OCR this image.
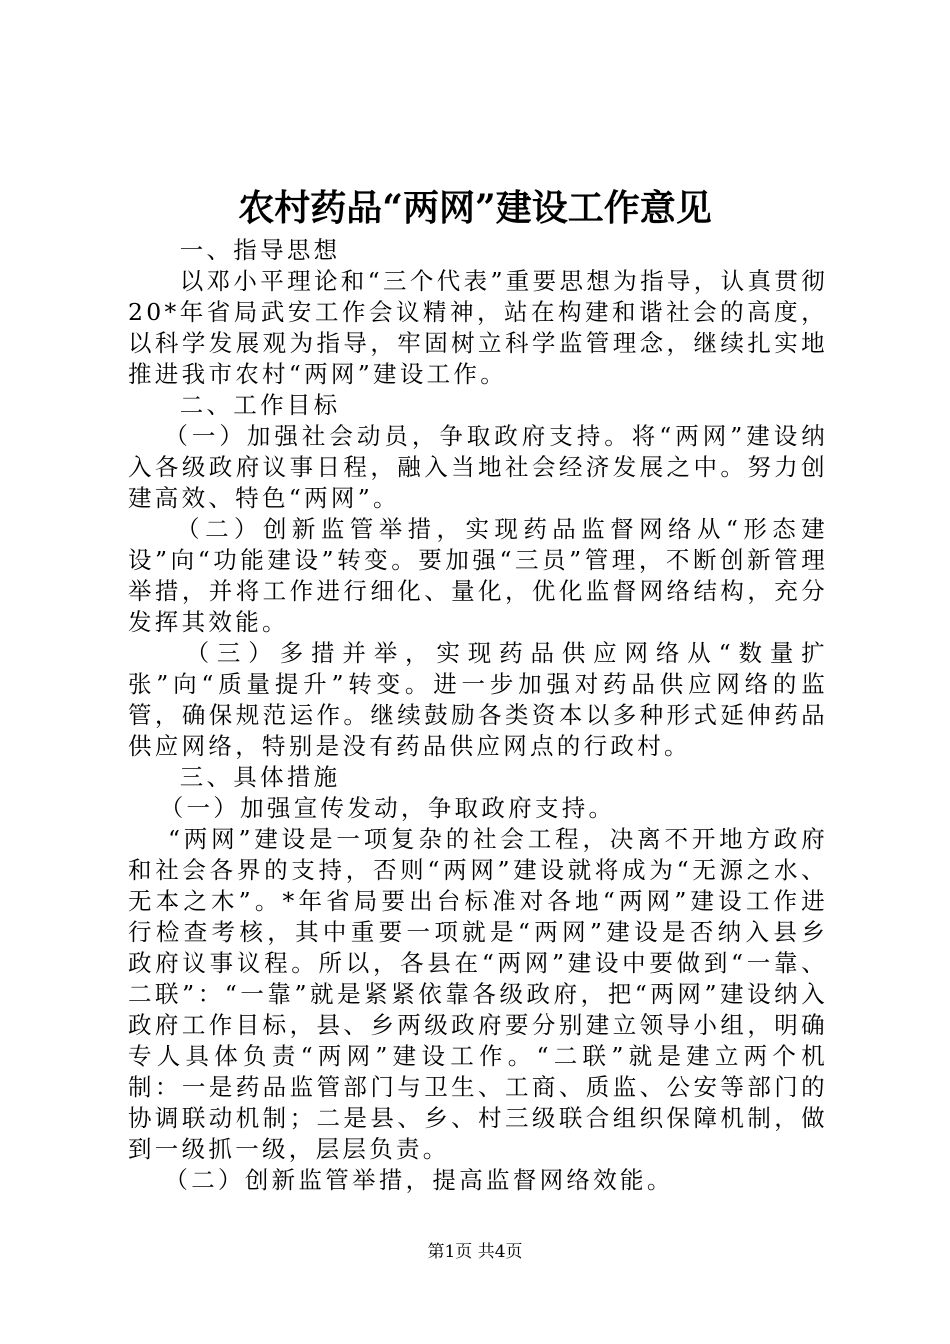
农村药品“两网”建设工作意见

一、指导思想

以邓小平理论和“三个代表”重要思想为指导，认真贯彻20*年省局武安工作会议精神，站在构建和谐社会的高度，以科学发展观为指导，牢固树立科学监管理念，继续扎实地推进我市农村“两网”建设工作。

二、工作目标

（一）加强社会动员，争取政府支持。将“两网”建设纳入各级政府议事日程，融入当地社会经济发展之中。努力创建高效、特色“两网”。

（二）创新监管举措，实现药品监督网络从“形态建设”向“功能建设”转变。要加强“三员”管理，不断创新管理举措，并将工作进行细化、量化，优化监督网络结构，充分发挥其效能。

（三）多措并举，实现药品供应网络从“数量扩张”向“质量提升”转变。进一步加强对药品供应网络的监管，确保规范运作。继续鼓励各类资本以多种形式延伸药品供应网络，特别是没有药品供应网点的行政村。

三、具体措施

（一）加强宣传发动，争取政府支持。

“两网”建设是一项复杂的社会工程，决离不开地方政府和社会各界的支持，否则“两网”建设就将成为“无源之水、无本之木”。*年省局要出台标准对各地“两网”建设工作进行检查考核，其中重要一项就是“两网”建设是否纳入县乡政府议事议程。所以，各县在“两网”建设中要做到“一靠、二联”：“一靠”就是紧紧依靠各级政府，把“两网”建设纳入政府工作目标，县、乡两级政府要分别建立领导小组，明确专人具体负责“两网”建设工作。“二联”就是建立两个机制：一是药品监管部门与卫生、工商、质监、公安等部门的协调联动机制；二是县、乡、村三级联合组织保障机制，做到一级抓一级，层层负责。

（二）创新监管举措，提高监督网络效能。

第1页 共4页
